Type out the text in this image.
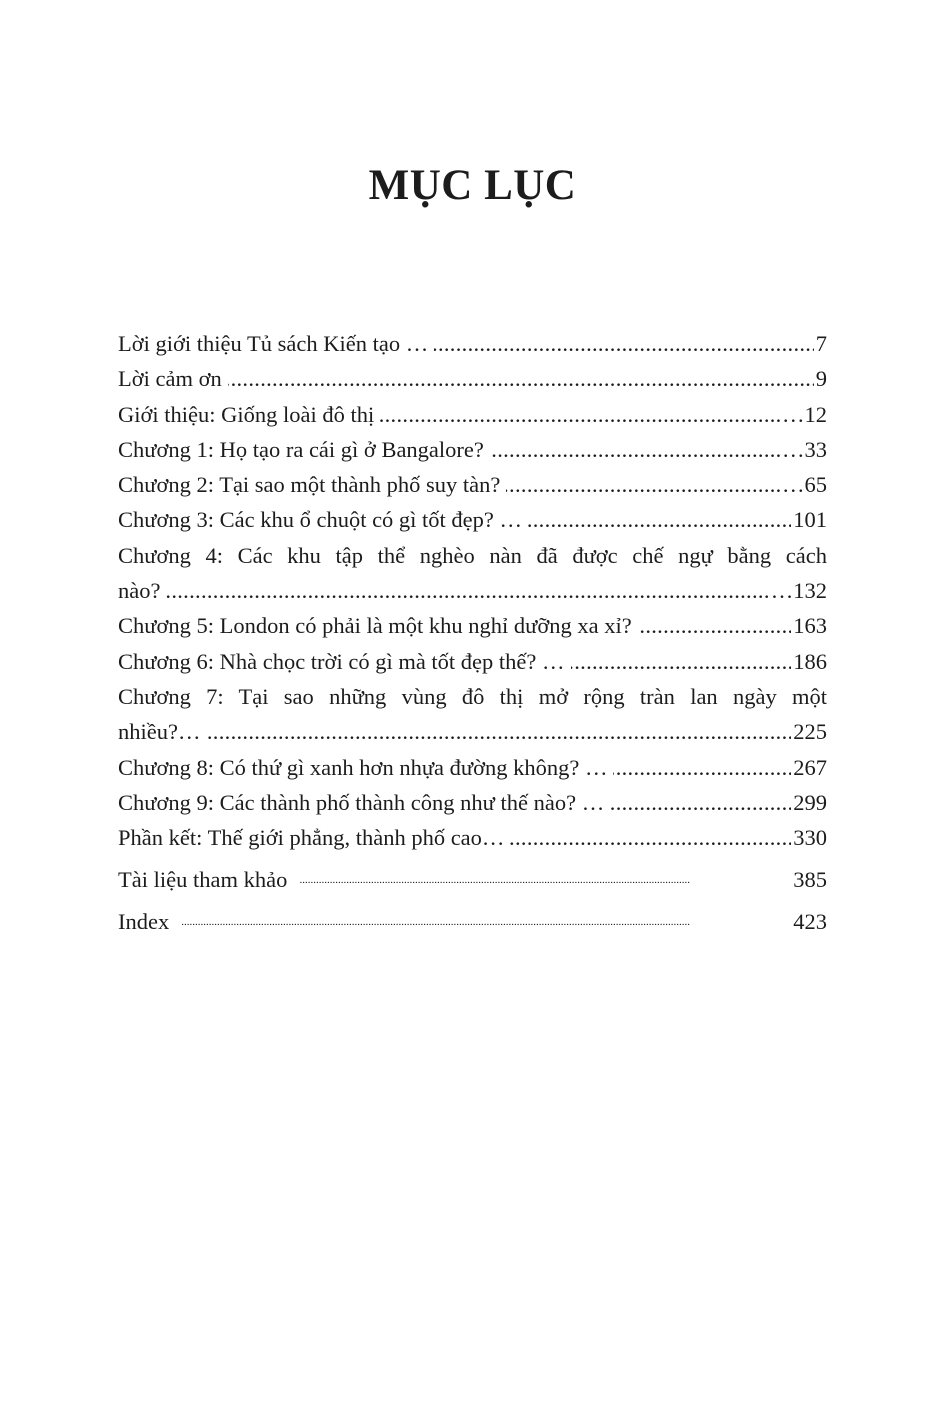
MỤC LỤC
Lời giới thiệu Tủ sách Kiến tạo …	7
.....
Lời cảm ơn	9
.....
Giới thiệu: Giống loài đô thị	…12
.....
Chương 1: Họ tạo ra cái gì ở Bangalore?	…33
.....
Chương 2: Tại sao một thành phố suy tàn?	…65
.....
Chương 3: Các khu ổ chuột có gì tốt đẹp? …	101
.....
Chương 4: Các khu tập thể nghèo nàn đã được chế ngự bằng cách
nào?	…132
.....
Chương 5: London có phải là một khu nghỉ dưỡng xa xỉ?	163
.....
Chương 6: Nhà chọc trời có gì mà tốt đẹp thế? …	186
.....
Chương 7: Tại sao những vùng đô thị mở rộng tràn lan ngày một
nhiều?…	225
.....
Chương 8: Có thứ gì xanh hơn nhựa đường không? …	267
.....
Chương 9: Các thành phố thành công như thế nào? …	299
.....
Phần kết: Thế giới phẳng, thành phố cao…	330
.....
Tài liệu tham khảo	385
.....
Index	423
.....
